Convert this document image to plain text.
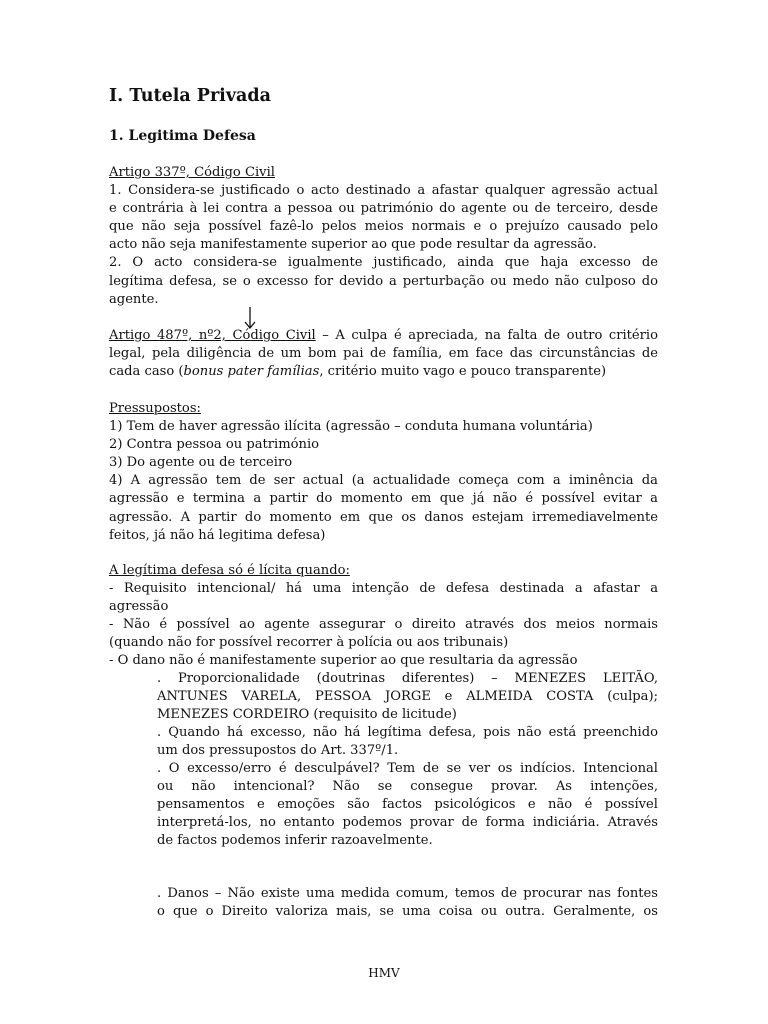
I. Tutela Privada
1. Legitima Defesa
Artigo 337º, Código Civil
1. Considera-se justificado o acto destinado a afastar qualquer agressão actual
e contrária à lei contra a pessoa ou património do agente ou de terceiro, desde
que não seja possível fazê-lo pelos meios normais e o prejuízo causado pelo
acto não seja manifestamente superior ao que pode resultar da agressão.
2. O acto considera-se igualmente justificado, ainda que haja excesso de
legítima defesa, se o excesso for devido a perturbação ou medo não culposo do
agente.
Artigo 487º, nº2, Código Civil – A culpa é apreciada, na falta de outro critério
legal, pela diligência de um bom pai de família, em face das circunstâncias de
cada caso (bonus pater famílias, critério muito vago e pouco transparente)
Pressupostos:
1) Tem de haver agressão ilícita (agressão – conduta humana voluntária)
2) Contra pessoa ou património
3) Do agente ou de terceiro
4) A agressão tem de ser actual (a actualidade começa com a iminência da
agressão e termina a partir do momento em que já não é possível evitar a
agressão. A partir do momento em que os danos estejam irremediavelmente
feitos, já não há legitima defesa)
A legítima defesa só é lícita quando:
- Requisito intencional/ há uma intenção de defesa destinada a afastar a
agressão
- Não é possível ao agente assegurar o direito através dos meios normais
(quando não for possível recorrer à polícia ou aos tribunais)
- O dano não é manifestamente superior ao que resultaria da agressão
. Proporcionalidade (doutrinas diferentes) – MENEZES LEITÃO,
ANTUNES VARELA, PESSOA JORGE e ALMEIDA COSTA (culpa);
MENEZES CORDEIRO (requisito de licitude)
. Quando há excesso, não há legítima defesa, pois não está preenchido
um dos pressupostos do Art. 337º/1.
. O excesso/erro é desculpável? Tem de se ver os indícios. Intencional
ou não intencional? Não se consegue provar. As intenções,
pensamentos e emoções são factos psicológicos e não é possível
interpretá-los, no entanto podemos provar de forma indiciária. Através
de factos podemos inferir razoavelmente.
. Danos – Não existe uma medida comum, temos de procurar nas fontes
o que o Direito valoriza mais, se uma coisa ou outra. Geralmente, os
HMV
